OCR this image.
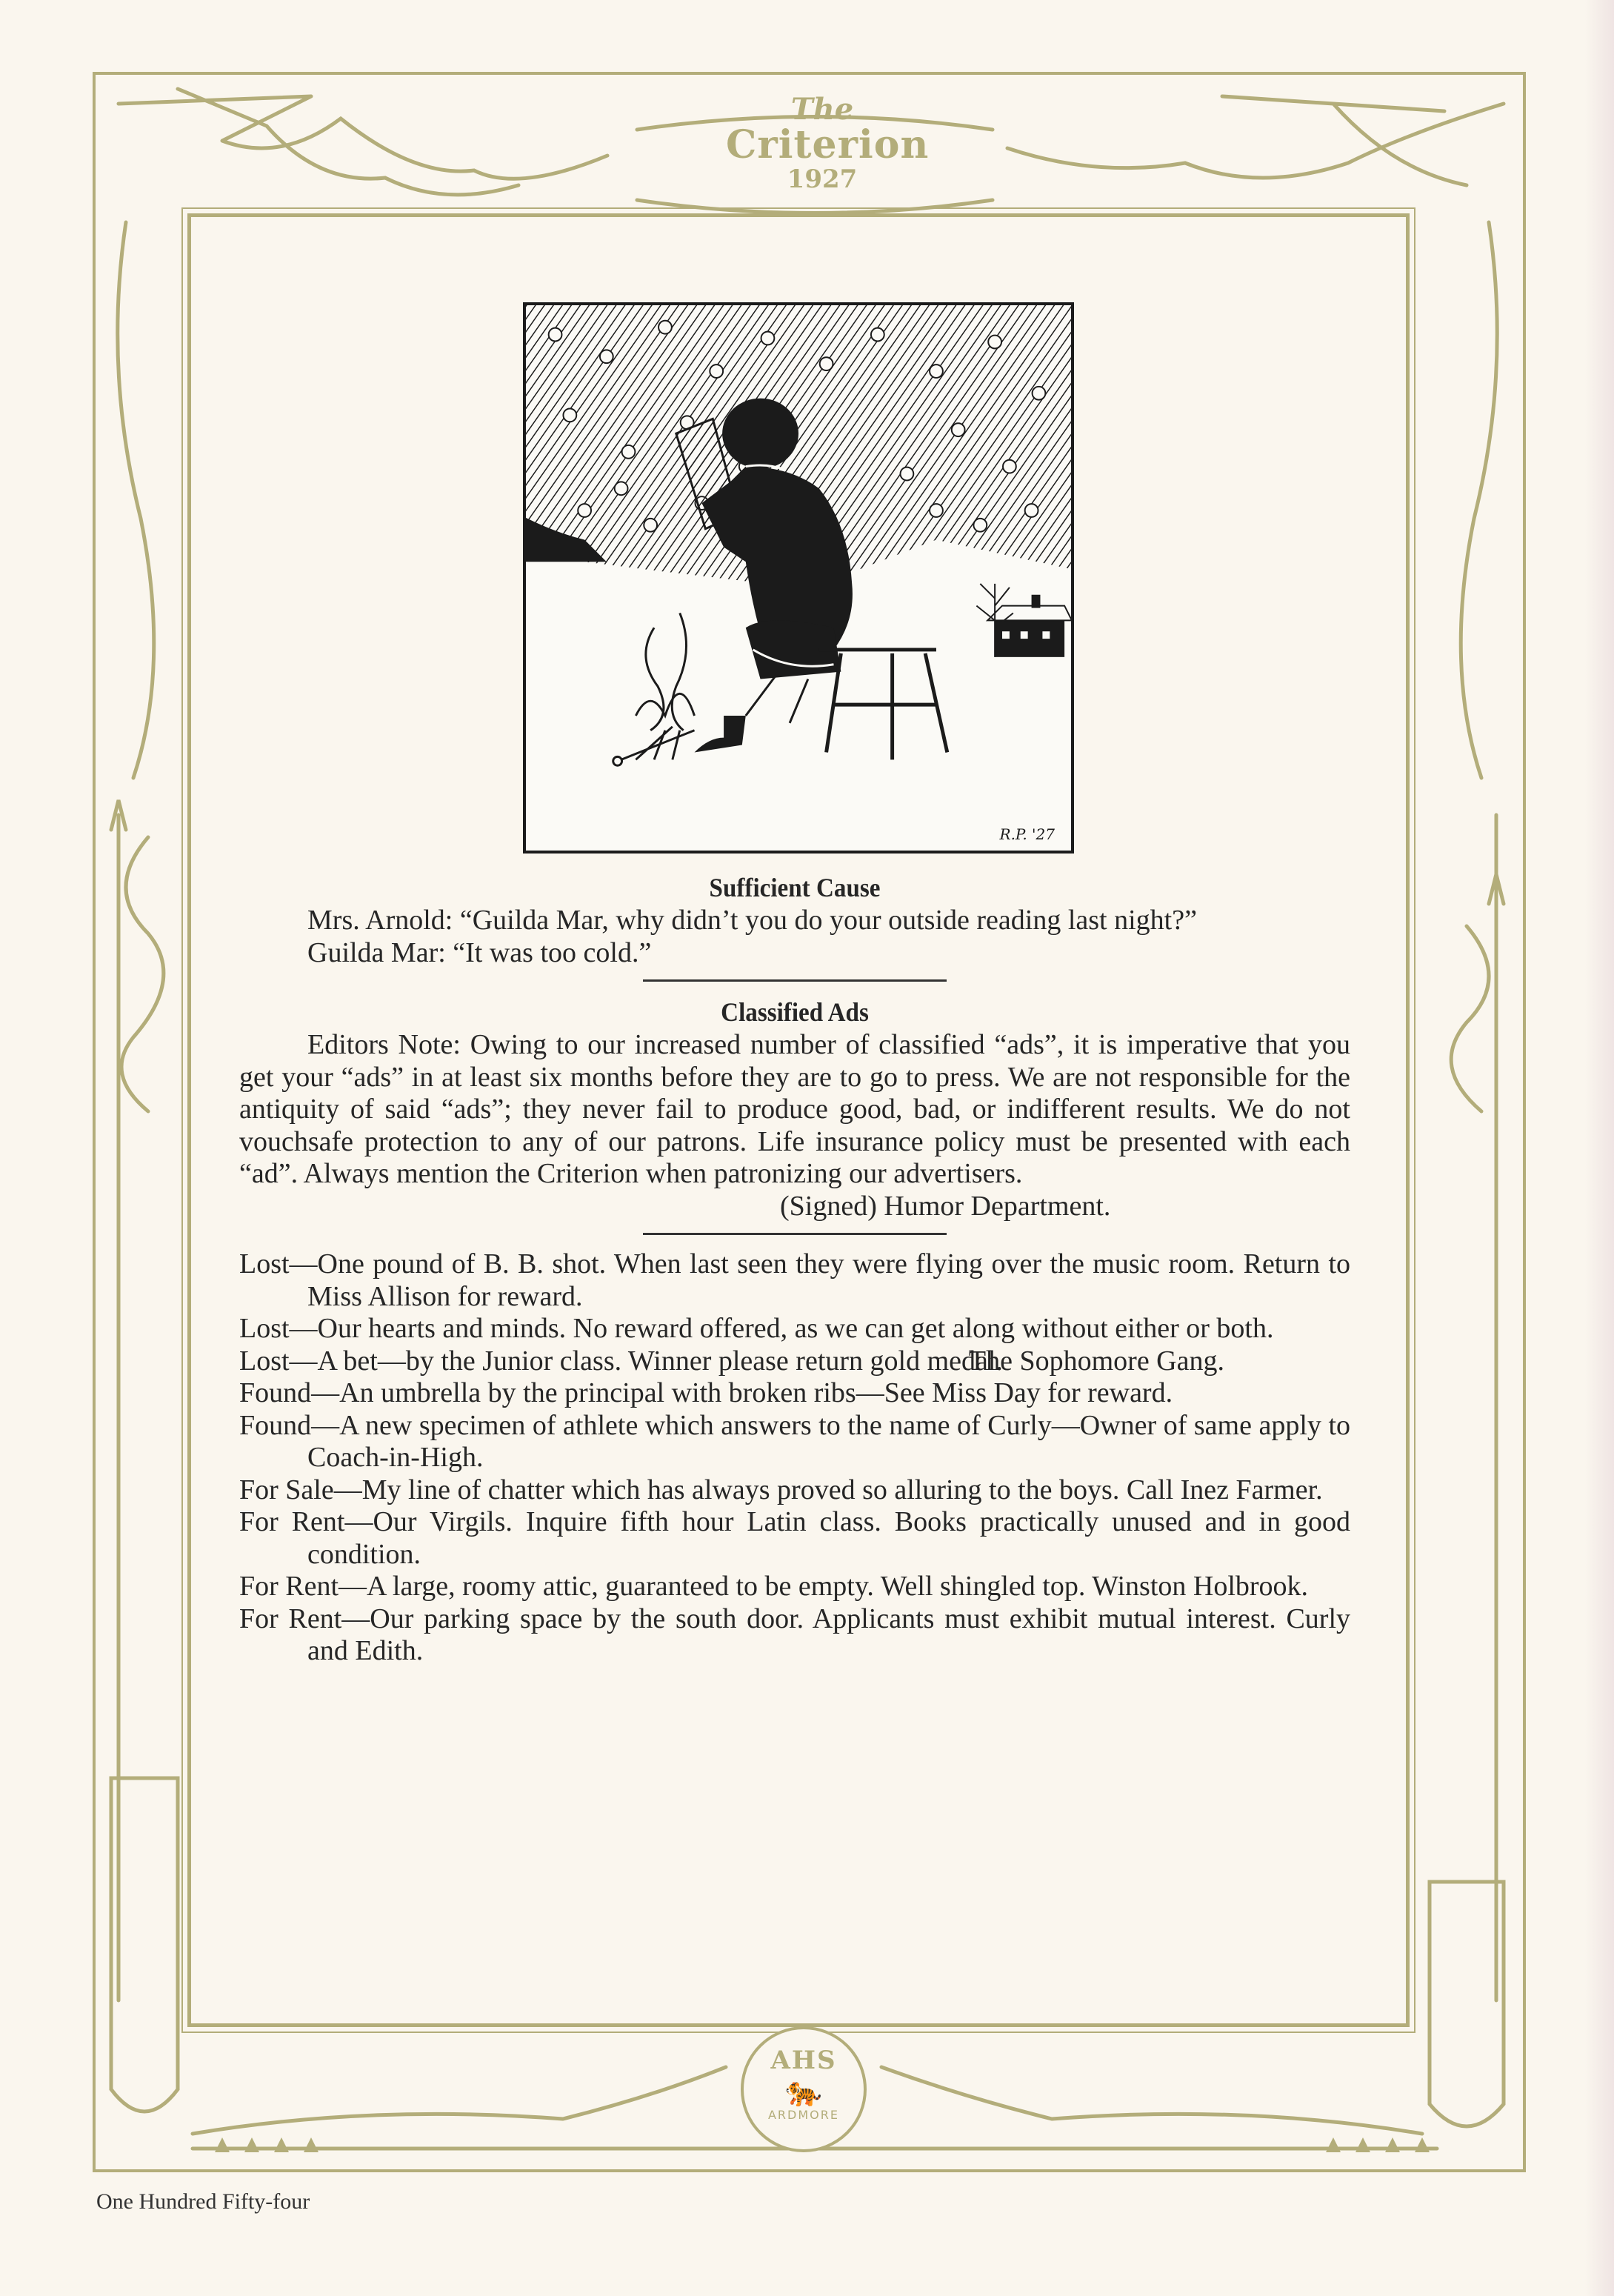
The
Criterion
1927
AHS
🐅
ARDMORE
R.P. '27
Sufficient Cause
Mrs. Arnold: “Guilda Mar, why didn’t you do your outside reading last night?”
Guilda Mar: “It was too cold.”
Classified Ads
Editors Note: Owing to our increased number of classified “ads”, it is imperative that you get your “ads” in at least six months before they are to go to press. We are not responsible for the antiquity of said “ads”; they never fail to produce good, bad, or indifferent results. We do not vouchsafe protection to any of our patrons. Life insurance policy must be presented with each “ad”. Always mention the Criterion when patronizing our advertisers.
(Signed) Humor Department.
Lost—One pound of B. B. shot. When last seen they were flying over the music room. Return to Miss Allison for reward.
Lost—Our hearts and minds. No reward offered, as we can get along without either or both.
The Sophomore Gang.
Lost—A bet—by the Junior class. Winner please return gold medal.
Found—An umbrella by the principal with broken ribs—See Miss Day for reward.
Found—A new specimen of athlete which answers to the name of Curly—Owner of same apply to Coach-in-High.
For Sale—My line of chatter which has always proved so alluring to the boys. Call Inez Farmer.
For Rent—Our Virgils. Inquire fifth hour Latin class. Books practically unused and in good condition.
For Rent—A large, roomy attic, guaranteed to be empty. Well shingled top. Winston Holbrook.
For Rent—Our parking space by the south door. Applicants must exhibit mutual interest. Curly and Edith.
One Hundred Fifty-four
